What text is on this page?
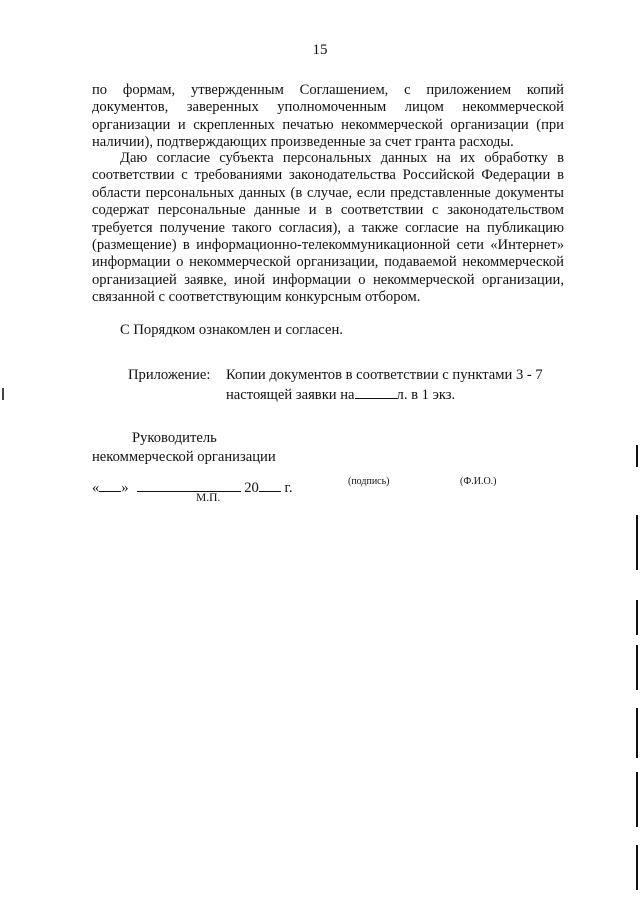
15

по формам, утвержденным Соглашением, с приложением копий документов, заверенных уполномоченным лицом некоммерческой организации и скрепленных печатью некоммерческой организации (при наличии), подтверждающих произведенные за счет гранта расходы.

Даю согласие субъекта персональных данных на их обработку в соответствии с требованиями законодательства Российской Федерации в области персональных данных (в случае, если представленные документы содержат персональные данные и в соответствии с законодательством требуется получение такого согласия), а также согласие на публикацию (размещение) в информационно-телекоммуникационной сети «Интернет» информации о некоммерческой организации, подаваемой некоммерческой организацией заявке, иной информации о некоммерческой организации, связанной с соответствующим конкурсным отбором.

С Порядком ознакомлен и согласен.

Приложение: Копии документов в соответствии с пунктами 3 - 7
настоящей заявки на	л. в 1 экз.
Руководитель
некоммерческой организации
« »	20 г.	(подпись)	(Ф.И.О.)
М.П.
